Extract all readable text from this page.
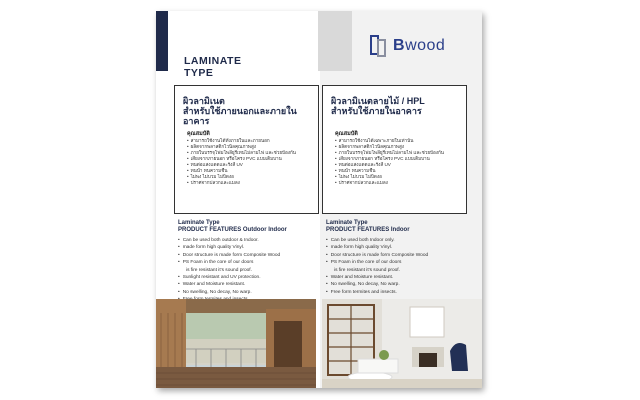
Bwood
LAMINATE
TYPE
ผิวลามิเนต
สำหรับใช้ภายนอกและภายในอาคาร
คุณสมบัติ
• สามารถใช้งานได้ทั้งภายในและภายนอก
• ผลิตจากพลาสติกไวนิลคุณภาพสูง
• ภายในบรรจุโฟมโพลียูรีเทนไม่ลามไฟ และช่วยป้องกัน
• เสียงจากภายนอก หรือโครง PVC แบบเต็มบาน
• ทนต่อแสงแดดและรังสี UV
• ทนน้ำ ทนความชื้น
• ไม่พง ไม่บวม ไม่บิดงอ
• ปราศจากปลวกและแมลง
ผิวลามิเนตลายไม้ / HPL
สำหรับใช้ภายในอาคาร
คุณสมบัติ
• สามารถใช้งานได้เฉพาะภายในเท่านั้น
• ผลิตจากพลาสติกไวนิลคุณภาพสูง
• ภายในบรรจุโฟมโพลียูรีเทนไม่ลามไฟ และช่วยป้องกัน
• เสียงจากภายนอก หรือโครง PVC แบบเต็มบาน
• ทนต่อแสงแดดและรังสี UV
• ทนน้ำ ทนความชื้น
• ไม่พง ไม่บวม ไม่บิดงอ
• ปราศจากปลวกและแมลง
Laminate Type
PRODUCT FEATURES Outdoor Indoor
• Can be used both outdoor & Indoor.
• made form high quality Vinyl.
• Door structure is made form Composite Wood
• PS Foam in the core of our doors
is fire resistant it's sound proof.
• Sunlight resistant and UV protection.
• Water and Moisture resistant.
• No swelling, No decay, No warp.
•
Laminate Type
PRODUCT FEATURES Indoor
• Can be used both Indoor only.
• made form high quality Vinyl.
• Door structure is made form Composite Wood
• PS Foam in the core of our doors
is fire resistant it's sound proof.
• Water and Moisture resistant.
• No swelling, No decay, No warp.
• Free form termites and insects.
